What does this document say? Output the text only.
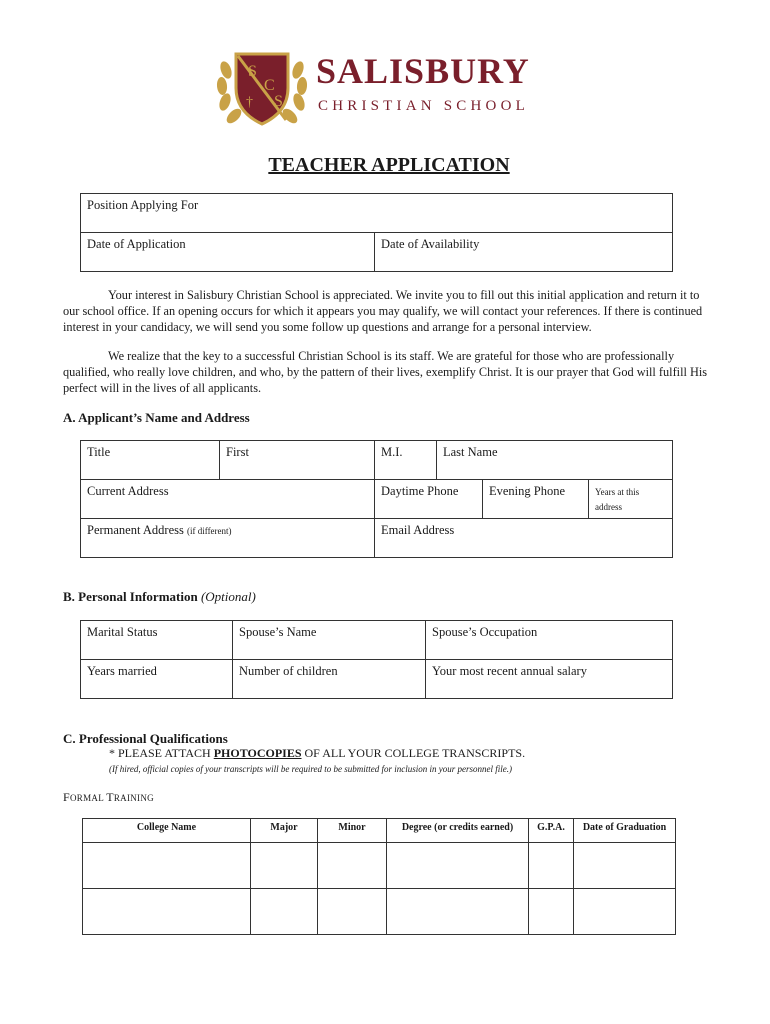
S
C
S
†
SALISBURY
CHRISTIAN SCHOOL
TEACHER APPLICATION
Position Applying For
Date of Application	Date of Availability
Your interest in Salisbury Christian School is appreciated. We invite you to fill out this initial application and return it to our school office. If an opening occurs for which it appears you may qualify, we will contact your references. If there is continued interest in your candidacy, we will send you some follow up questions and arrange for a personal interview.
We realize that the key to a successful Christian School is its staff. We are grateful for those who are professionally qualified, who really love children, and who, by the pattern of their lives, exemplify Christ. It is our prayer that God will fulfill His perfect will in the lives of all applicants.
A. Applicant’s Name and Address
Title	First	M.I.	Last Name		
Current Address		Daytime Phone		Evening Phone	Years at this address
Permanent Address (if different)		Email Address			
B. Personal Information (Optional)
Marital Status	Spouse’s Name	Spouse’s Occupation
Years married	Number of children	Your most recent annual salary
C. Professional Qualifications
* PLEASE ATTACH PHOTOCOPIES OF ALL YOUR COLLEGE TRANSCRIPTS.
(If hired, official copies of your transcripts will be required to be submitted for inclusion in your personnel file.)
FORMAL TRAINING
College Name	Major	Minor	Degree (or credits earned)	G.P.A.	Date of Graduation
